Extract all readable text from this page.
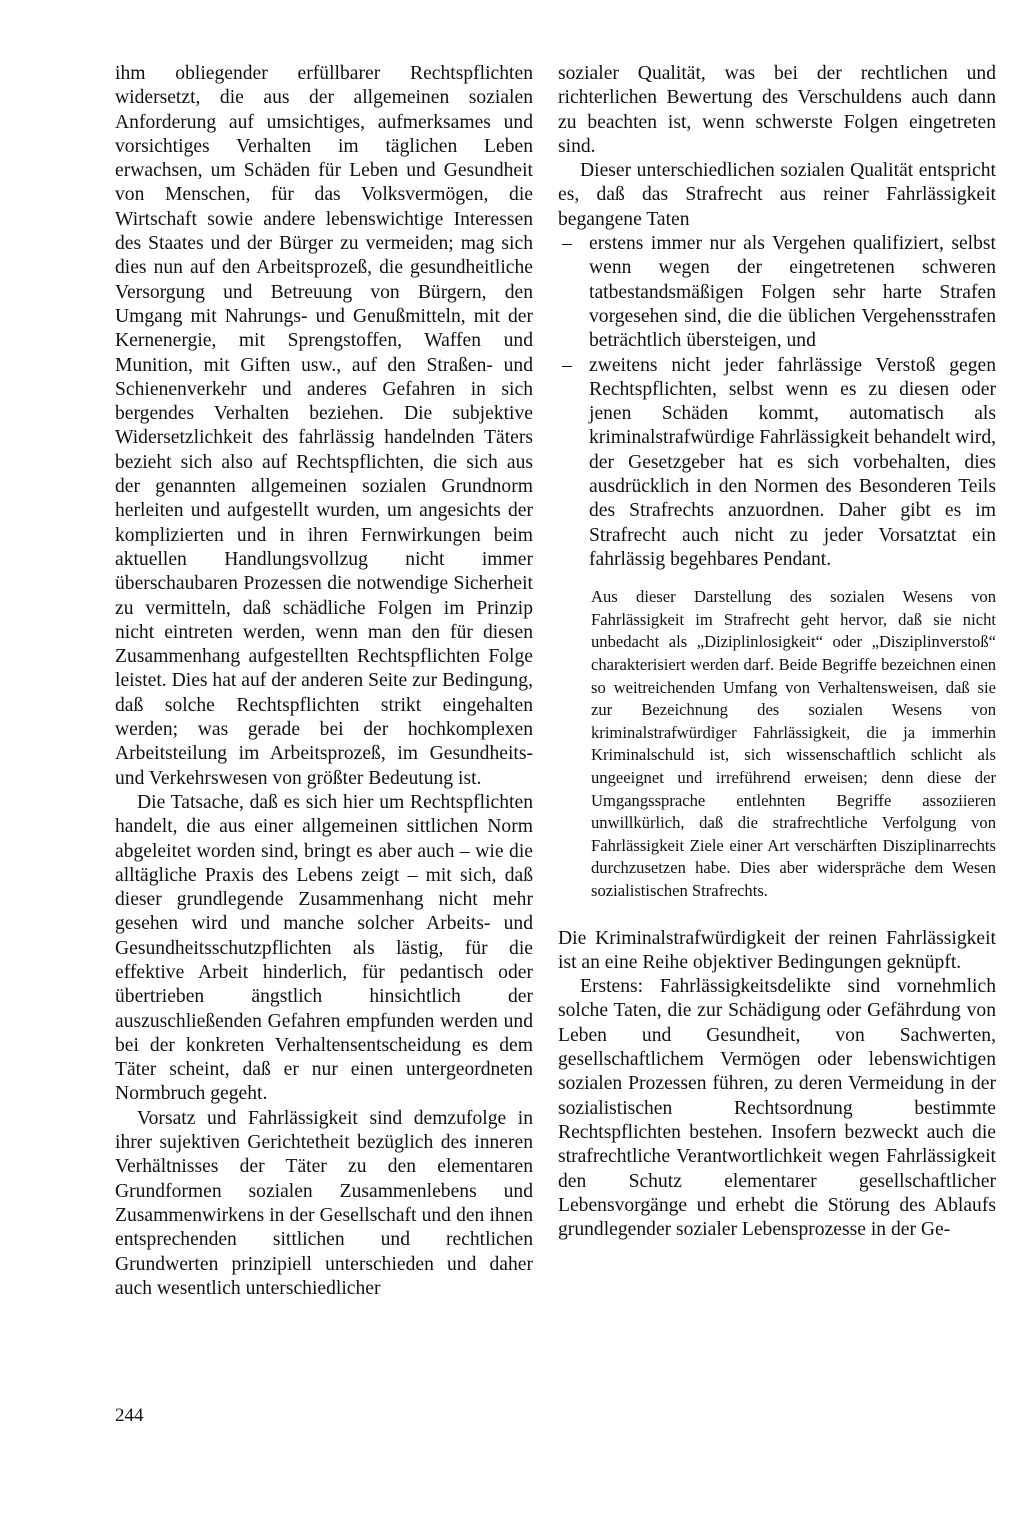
ihm obliegender erfüllbarer Rechtspflichten widersetzt, die aus der allgemeinen sozialen Anforderung auf umsichtiges, aufmerksames und vorsichtiges Verhalten im täglichen Leben erwachsen, um Schäden für Leben und Gesundheit von Menschen, für das Volksvermögen, die Wirtschaft sowie andere lebenswichtige Interessen des Staates und der Bürger zu vermeiden; mag sich dies nun auf den Arbeitsprozeß, die gesundheitliche Versorgung und Betreuung von Bürgern, den Umgang mit Nahrungs- und Genußmitteln, mit der Kernenergie, mit Sprengstoffen, Waffen und Munition, mit Giften usw., auf den Straßen- und Schienenverkehr und anderes Gefahren in sich bergendes Verhalten beziehen. Die subjektive Widersetzlichkeit des fahrlässig handelnden Täters bezieht sich also auf Rechtspflichten, die sich aus der genannten allgemeinen sozialen Grundnorm herleiten und aufgestellt wurden, um angesichts der komplizierten und in ihren Fernwirkungen beim aktuellen Handlungsvollzug nicht immer überschaubaren Prozessen die notwendige Sicherheit zu vermitteln, daß schädliche Folgen im Prinzip nicht eintreten werden, wenn man den für diesen Zusammenhang aufgestellten Rechtspflichten Folge leistet. Dies hat auf der anderen Seite zur Bedingung, daß solche Rechtspflichten strikt eingehalten werden; was gerade bei der hochkomplexen Arbeitsteilung im Arbeitsprozeß, im Gesundheits- und Verkehrswesen von größter Bedeutung ist.

Die Tatsache, daß es sich hier um Rechtspflichten handelt, die aus einer allgemeinen sittlichen Norm abgeleitet worden sind, bringt es aber auch – wie die alltägliche Praxis des Lebens zeigt – mit sich, daß dieser grundlegende Zusammenhang nicht mehr gesehen wird und manche solcher Arbeits- und Gesundheitsschutzpflichten als lästig, für die effektive Arbeit hinderlich, für pedantisch oder übertrieben ängstlich hinsichtlich der auszuschließenden Gefahren empfunden werden und bei der konkreten Verhaltensentscheidung es dem Täter scheint, daß er nur einen untergeordneten Normbruch gegeht.

Vorsatz und Fahrlässigkeit sind demzufolge in ihrer sujektiven Gerichtetheit bezüglich des inneren Verhältnisses der Täter zu den elementaren Grundformen sozialen Zusammenlebens und Zusammenwirkens in der Gesellschaft und den ihnen entsprechenden sittlichen und rechtlichen Grundwerten prinzipiell unterschieden und daher auch wesentlich unterschiedlicher

sozialer Qualität, was bei der rechtlichen und richterlichen Bewertung des Verschuldens auch dann zu beachten ist, wenn schwerste Folgen eingetreten sind.

Dieser unterschiedlichen sozialen Qualität entspricht es, daß das Strafrecht aus reiner Fahrlässigkeit begangene Taten

– erstens immer nur als Vergehen qualifiziert, selbst wenn wegen der eingetretenen schweren tatbestandsmäßigen Folgen sehr harte Strafen vorgesehen sind, die die üblichen Vergehensstrafen beträchtlich übersteigen, und
– zweitens nicht jeder fahrlässige Verstoß gegen Rechtspflichten, selbst wenn es zu diesen oder jenen Schäden kommt, automatisch als kriminalstrafwürdige Fahrlässigkeit behandelt wird, der Gesetzgeber hat es sich vorbehalten, dies ausdrücklich in den Normen des Besonderen Teils des Strafrechts anzuordnen. Daher gibt es im Strafrecht auch nicht zu jeder Vorsatztat ein fahrlässig begehbares Pendant.

Aus dieser Darstellung des sozialen Wesens von Fahrlässigkeit im Strafrecht geht hervor, daß sie nicht unbedacht als „Diziplinlosigkeit“ oder „Disziplinverstoß“ charakterisiert werden darf. Beide Begriffe bezeichnen einen so weitreichenden Umfang von Verhaltensweisen, daß sie zur Bezeichnung des sozialen Wesens von kriminalstrafwürdiger Fahrlässigkeit, die ja immerhin Kriminalschuld ist, sich wissenschaftlich schlicht als ungeeignet und irreführend erweisen; denn diese der Umgangssprache entlehnten Begriffe assoziieren unwillkürlich, daß die strafrechtliche Verfolgung von Fahrlässigkeit Ziele einer Art verschärften Disziplinarrechts durchzusetzen habe. Dies aber widerspräche dem Wesen sozialistischen Strafrechts.

Die Kriminalstrafwürdigkeit der reinen Fahrlässigkeit ist an eine Reihe objektiver Bedingungen geknüpft.

Erstens: Fahrlässigkeitsdelikte sind vornehmlich solche Taten, die zur Schädigung oder Gefährdung von Leben und Gesundheit, von Sachwerten, gesellschaftlichem Vermögen oder lebenswichtigen sozialen Prozessen führen, zu deren Vermeidung in der sozialistischen Rechtsordnung bestimmte Rechtspflichten bestehen. Insofern bezweckt auch die strafrechtliche Verantwortlichkeit wegen Fahrlässigkeit den Schutz elementarer gesellschaftlicher Lebensvorgänge und erhebt die Störung des Ablaufs grundlegender sozialer Lebensprozesse in der Ge-

244
